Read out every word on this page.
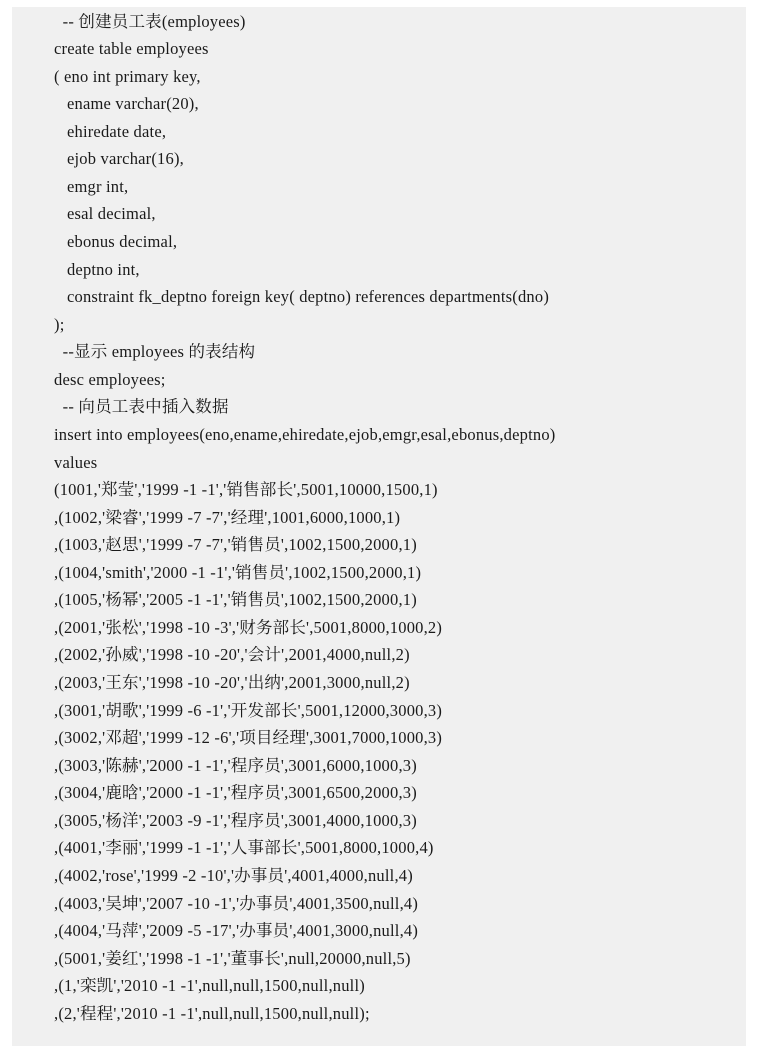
-- 创建员工表(employees)
create table employees
( eno int primary key,
ename varchar(20),
ehiredate date,
ejob varchar(16),
emgr int,
esal decimal,
ebonus decimal,
deptno int,
constraint fk_deptno foreign key( deptno) references departments(dno)
);
--显示 employees 的表结构
desc employees;
-- 向员工表中插入数据
insert into employees(eno,ename,ehiredate,ejob,emgr,esal,ebonus,deptno)
values
(1001,'郑莹','1999 -1 -1','销售部长',5001,10000,1500,1)
,(1002,'梁睿','1999 -7 -7','经理',1001,6000,1000,1)
,(1003,'赵思','1999 -7 -7','销售员',1002,1500,2000,1)
,(1004,'smith','2000 -1 -1','销售员',1002,1500,2000,1)
,(1005,'杨幂','2005 -1 -1','销售员',1002,1500,2000,1)
,(2001,'张松','1998 -10 -3','财务部长',5001,8000,1000,2)
,(2002,'孙威','1998 -10 -20','会计',2001,4000,null,2)
,(2003,'王东','1998 -10 -20','出纳',2001,3000,null,2)
,(3001,'胡歌','1999 -6 -1','开发部长',5001,12000,3000,3)
,(3002,'邓超','1999 -12 -6','项目经理',3001,7000,1000,3)
,(3003,'陈赫','2000 -1 -1','程序员',3001,6000,1000,3)
,(3004,'鹿晗','2000 -1 -1','程序员',3001,6500,2000,3)
,(3005,'杨洋','2003 -9 -1','程序员',3001,4000,1000,3)
,(4001,'李丽','1999 -1 -1','人事部长',5001,8000,1000,4)
,(4002,'rose','1999 -2 -10','办事员',4001,4000,null,4)
,(4003,'吴坤','2007 -10 -1','办事员',4001,3500,null,4)
,(4004,'马萍','2009 -5 -17','办事员',4001,3000,null,4)
,(5001,'姜红','1998 -1 -1','董事长',null,20000,null,5)
,(1,'栾凯','2010 -1 -1',null,null,1500,null,null)
,(2,'程程','2010 -1 -1',null,null,1500,null,null);
